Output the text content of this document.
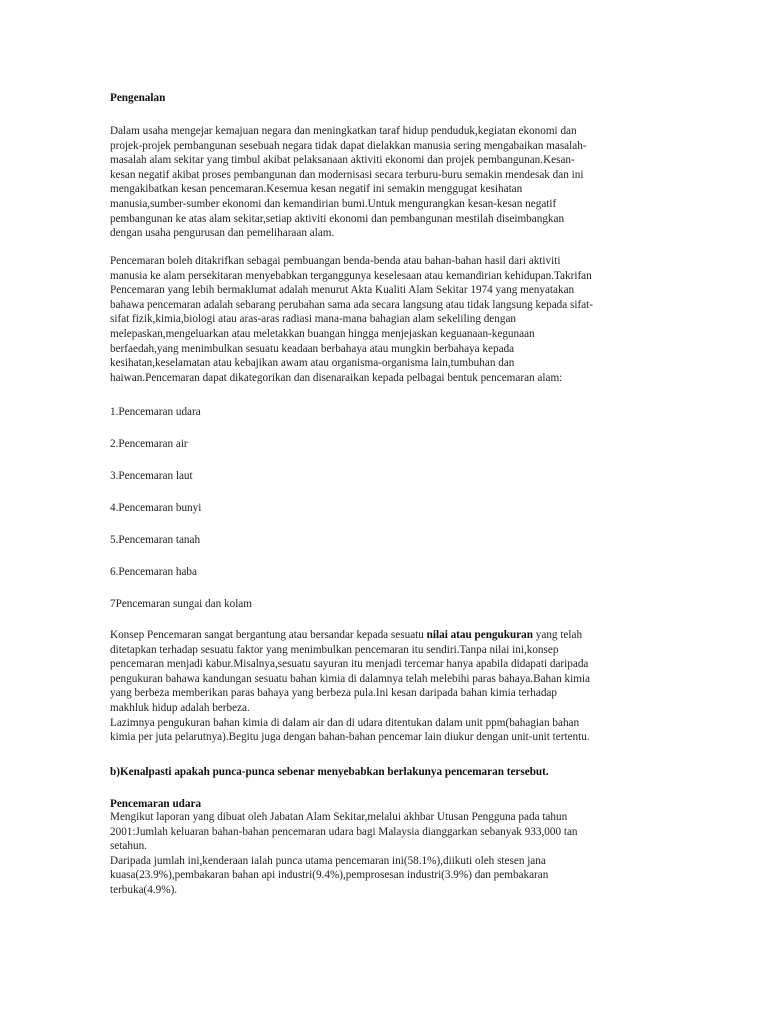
Pengenalan
Dalam usaha mengejar kemajuan negara dan meningkatkan taraf hidup penduduk,kegiatan ekonomi dan
projek-projek pembangunan sesebuah negara tidak dapat dielakkan manusia sering mengabaikan masalah-
masalah alam sekitar yang timbul akibat pelaksanaan aktiviti ekonomi dan projek pembangunan.Kesan-
kesan negatif akibat proses pembangunan dan modernisasi secara terburu-buru semakin mendesak dan ini
mengakibatkan kesan pencemaran.Kesemua kesan negatif ini semakin menggugat kesihatan
manusia,sumber-sumber ekonomi dan kemandirian bumi.Untuk mengurangkan kesan-kesan negatif
pembangunan ke atas alam sekitar,setiap aktiviti ekonomi dan pembangunan mestilah diseimbangkan
dengan usaha pengurusan dan pemeliharaan alam.
Pencemaran boleh ditakrifkan sebagai pembuangan benda-benda atau bahan-bahan hasil dari aktiviti
manusia ke alam persekitaran menyebabkan terganggunya keselesaan atau kemandirian kehidupan.Takrifan
Pencemaran yang lebih bermaklumat adalah menurut Akta Kualiti Alam Sekitar 1974 yang menyatakan
bahawa pencemaran adalah sebarang perubahan sama ada secara langsung atau tidak langsung kepada sifat-
sifat fizik,kimia,biologi atau aras-aras radiasi mana-mana bahagian alam sekeliling dengan
melepaskan,mengeluarkan atau meletakkan buangan hingga menjejaskan keguanaan-kegunaan
berfaedah,yang menimbulkan sesuatu keadaan berbahaya atau mungkin berbahaya kepada
kesihatan,keselamatan atau kebajikan awam atau organisma-organisma lain,tumbuhan dan
haiwan.Pencemaran dapat dikategorikan dan disenaraikan kepada pelbagai bentuk pencemaran alam:
1.Pencemaran udara
2.Pencemaran air
3.Pencemaran laut
4.Pencemaran bunyi
5.Pencemaran tanah
6.Pencemaran haba
7Pencemaran sungai dan kolam
Konsep Pencemaran sangat bergantung atau bersandar kepada sesuatu nilai atau pengukuran yang telah
ditetapkan terhadap sesuatu faktor yang menimbulkan pencemaran itu sendiri.Tanpa nilai ini,konsep
pencemaran menjadi kabur.Misalnya,sesuatu sayuran itu menjadi tercemar hanya apabila didapati daripada
pengukuran bahawa kandungan sesuatu bahan kimia di dalamnya telah melebihi paras bahaya.Bahan kimia
yang berbeza memberikan paras bahaya yang berbeza pula.Ini kesan daripada bahan kimia terhadap
makhluk hidup adalah berbeza.
Lazimnya pengukuran bahan kimia di dalam air dan di udara ditentukan dalam unit ppm(bahagian bahan
kimia per juta pelarutnya).Begitu juga dengan bahan-bahan pencemar lain diukur dengan unit-unit tertentu.
b)Kenalpasti apakah punca-punca sebenar menyebabkan berlakunya pencemaran tersebut.
Pencemaran udara
Mengikut laporan yang dibuat oleh Jabatan Alam Sekitar,melalui akhbar Utusan Pengguna pada tahun
2001:Jumlah keluaran bahan-bahan pencemaran udara bagi Malaysia dianggarkan sebanyak 933,000 tan
setahun.
Daripada jumlah ini,kenderaan ialah punca utama pencemaran ini(58.1%),diikuti oleh stesen jana
kuasa(23.9%),pembakaran bahan api industri(9.4%),pemprosesan industri(3.9%) dan pembakaran
terbuka(4.9%).
